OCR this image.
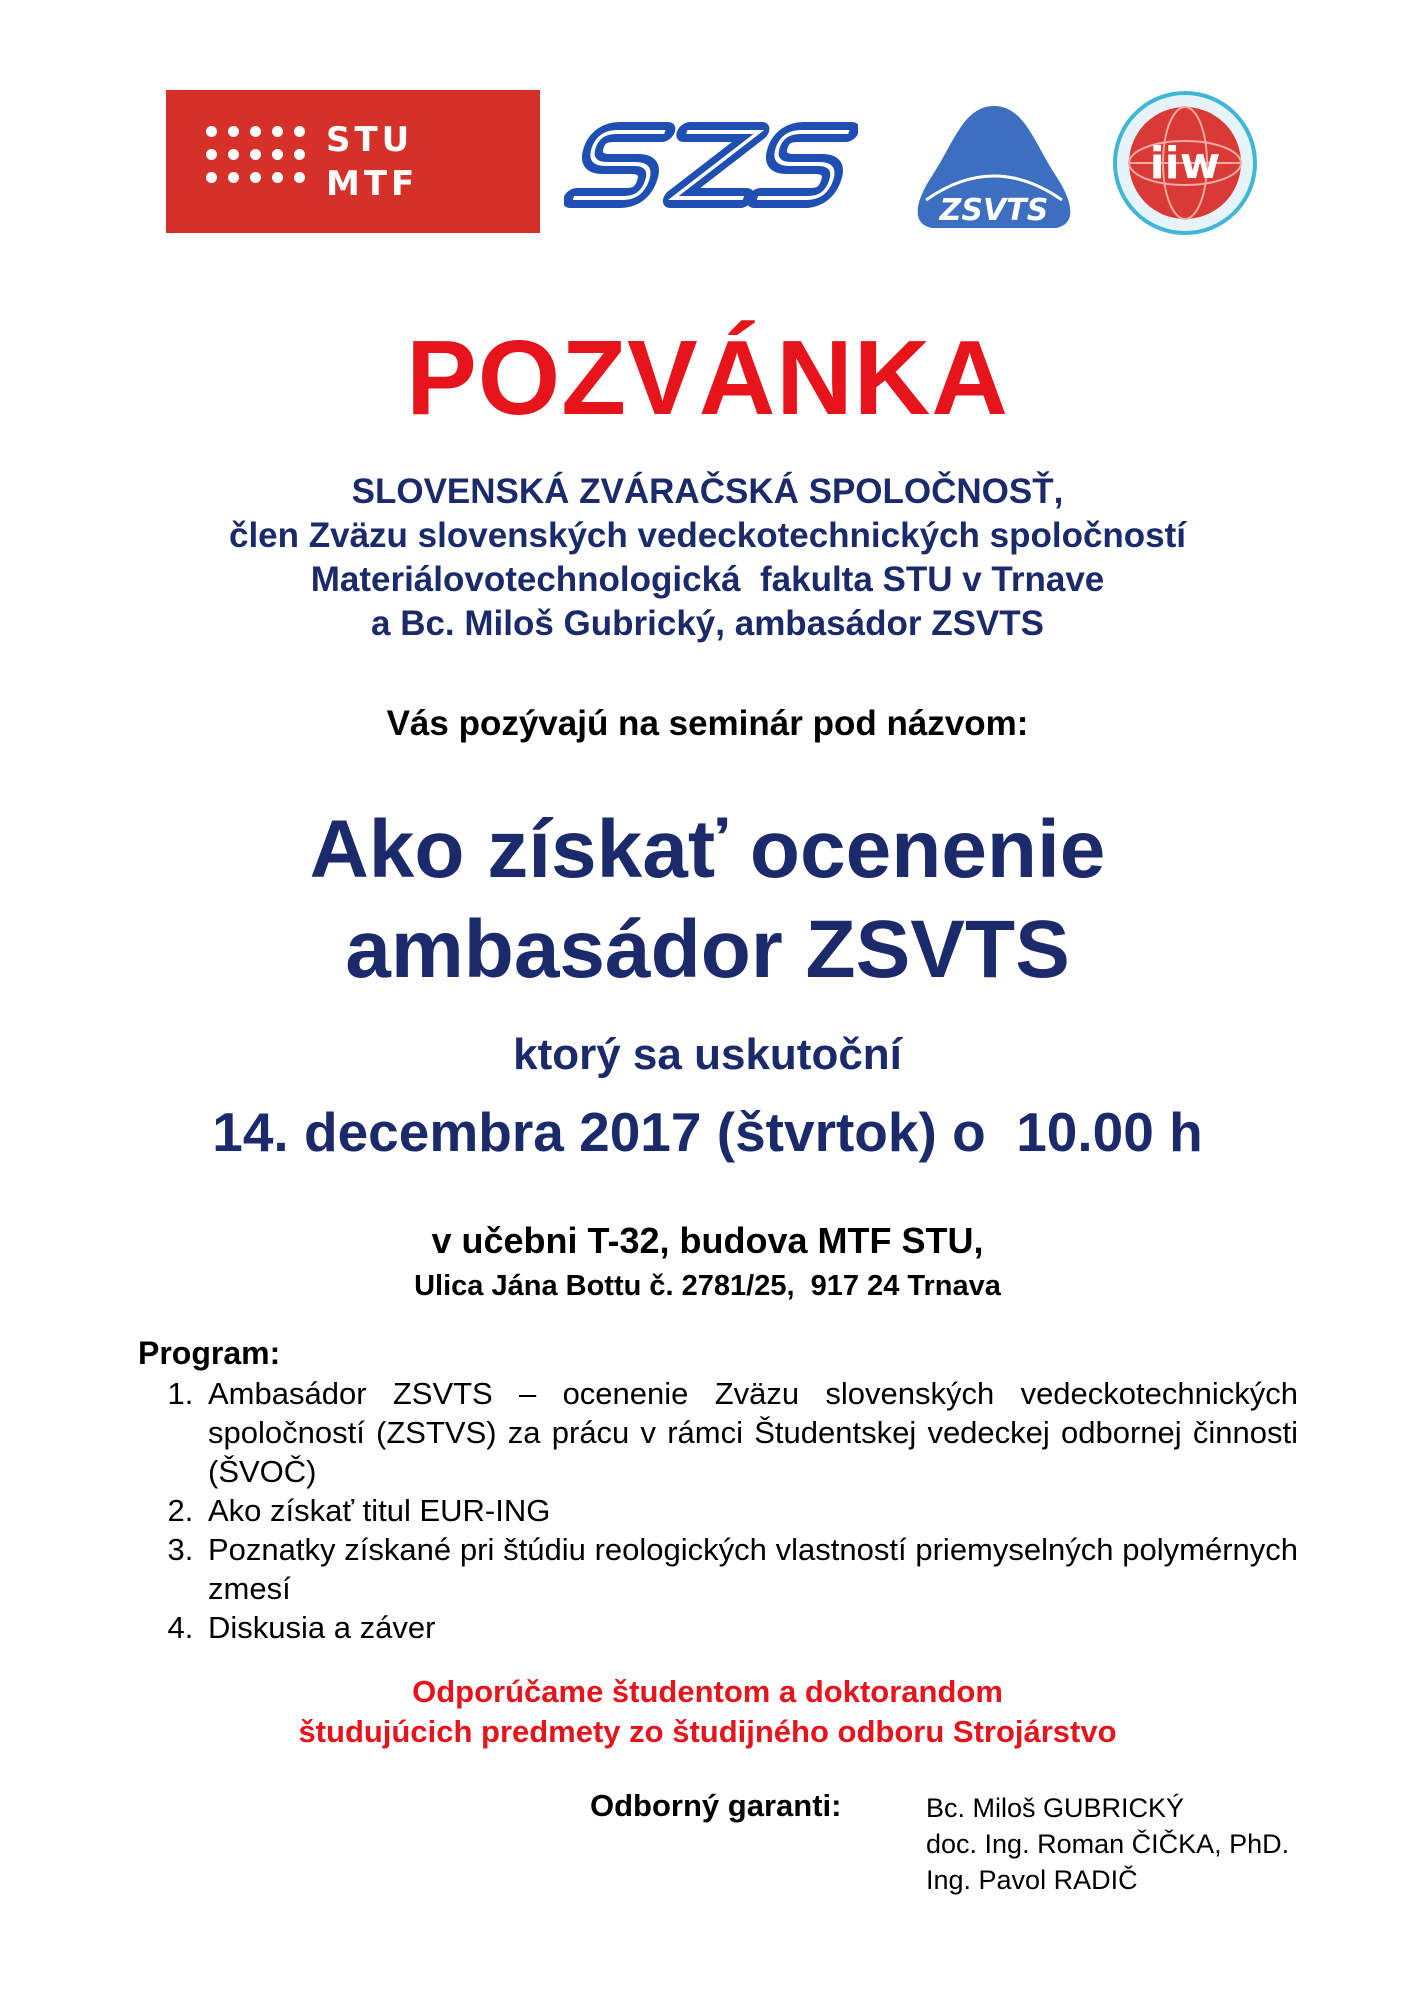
STU
MTF
ZSVTS
iiw
POZVÁNKA
SLOVENSKÁ ZVÁRAČSKÁ SPOLOČNOSŤ,
člen Zväzu slovenských vedeckotechnických spoločností
Materiálovotechnologická  fakulta STU v Trnave
a Bc. Miloš Gubrický, ambasádor ZSVTS
Vás pozývajú na seminár pod názvom:
Ako získať ocenenie
ambasádor ZSVTS
ktorý sa uskutoční
14. decembra 2017 (štvrtok) o  10.00 h
v učebni T-32, budova MTF STU,
Ulica Jána Bottu č. 2781/25,  917 24 Trnava
Program:
1. Ambasádor ZSVTS – ocenenie Zväzu slovenských vedeckotechnických spoločností (ZSTVS) za prácu v rámci Študentskej vedeckej odbornej činnosti (ŠVOČ)
2. Ako získať titul EUR-ING
3. Poznatky získané pri štúdiu reologických vlastností priemyselných polymérnych zmesí
4. Diskusia a záver
Odporúčame študentom a doktorandom
študujúcich predmety zo študijného odboru Strojárstvo
Odborný garanti:	Bc. Miloš GUBRICKÝ
doc. Ing. Roman ČIČKA, PhD.
Ing. Pavol RADIČ
